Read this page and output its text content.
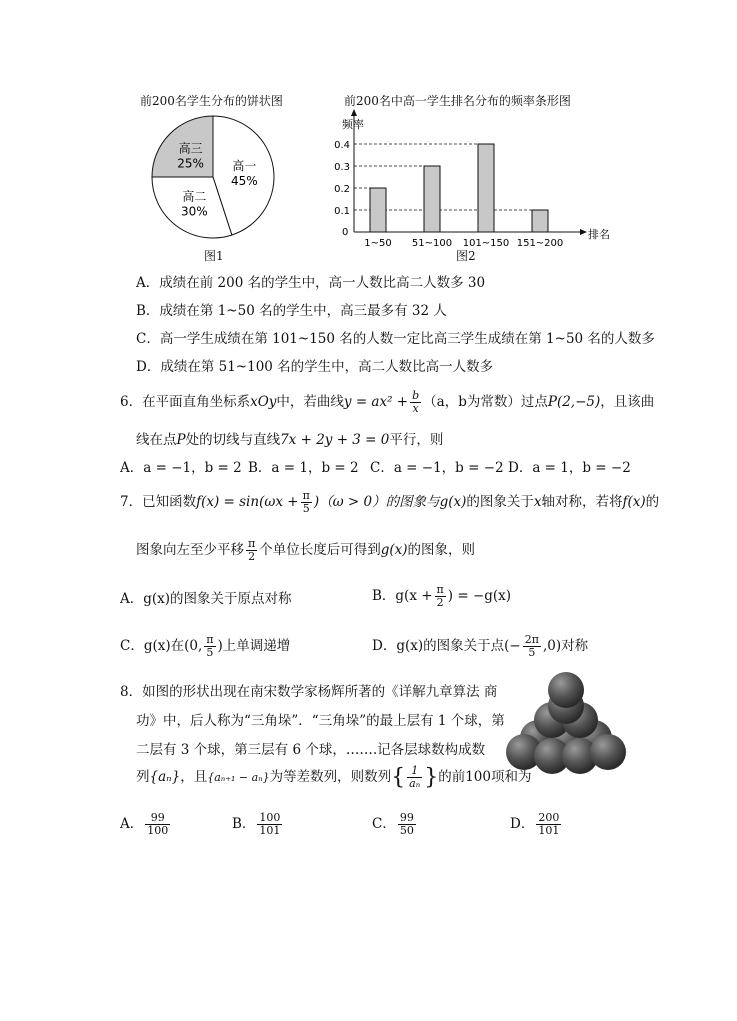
前200名学生分布的饼状图
高一
45%
高二
30%
高三
25%
图1
前200名中高一学生排名分布的频率条形图
0.1
0.2
0.3
0.4
1~50 51~100 101~150 151~200
频率
排名
0
图2
A．成绩在前 200 名的学生中，高一人数比高二人数多 30
B．成绩在第 1~50 名的学生中，高三最多有 32 人
C．高一学生成绩在第 101~150 名的人数一定比高三学生成绩在第 1~50 名的人数多
D．成绩在第 51~100 名的学生中，高二人数比高一人数多
6．在平面直角坐标系xOy中，若曲线$y = ax^2 + \frac{b}{x} (a$，b为常数）过点P(2,−5)，且该曲
线在点P处的切线与直线7x + 2y + 3 = 0平行，则
A．a = −1，b = 2 B．a = 1，b = 2 C．a = −1，b = −2 D．a = 1，b = −2
7．已知函数$f(x) = \sin(\omega x + \frac{\pi}{5} )(\omega > 0)$的图象与g(x)的图象关于x轴对称，若将f(x)的
图象向左至少平移 $\frac{\pi}{2}$ 个单位长度后可得到g(x)的图象，则
A．g(x)的图象关于原点对称	B．$g(x + \frac{\pi}{2}$ ) = −g(x)
C．g(x)在(0, $\frac{\pi}{5}$ )上单调递增	D．g(x)的图象关于点(− $\frac{2\pi}{5} ,0$)对称
8．如图的形状出现在南宋数学家杨辉所著的《详解九章算法 商
功》中，后人称为“三角垛”．“三角垛”的最上层有 1 个球，第
二层有 3 个球，第三层有 6 个球，…….记各层球数构成数
列{aₙ}，且{aₙ₊₁ − aₙ}为等差数列，则数列{ $\frac{1}{\text{aₙ}}$ }的前100项和为
A． $\frac{99}{100}$	B． $\frac{100}{101}$	C． $\frac{99}{50}$	D． $\frac{200}{101}$
